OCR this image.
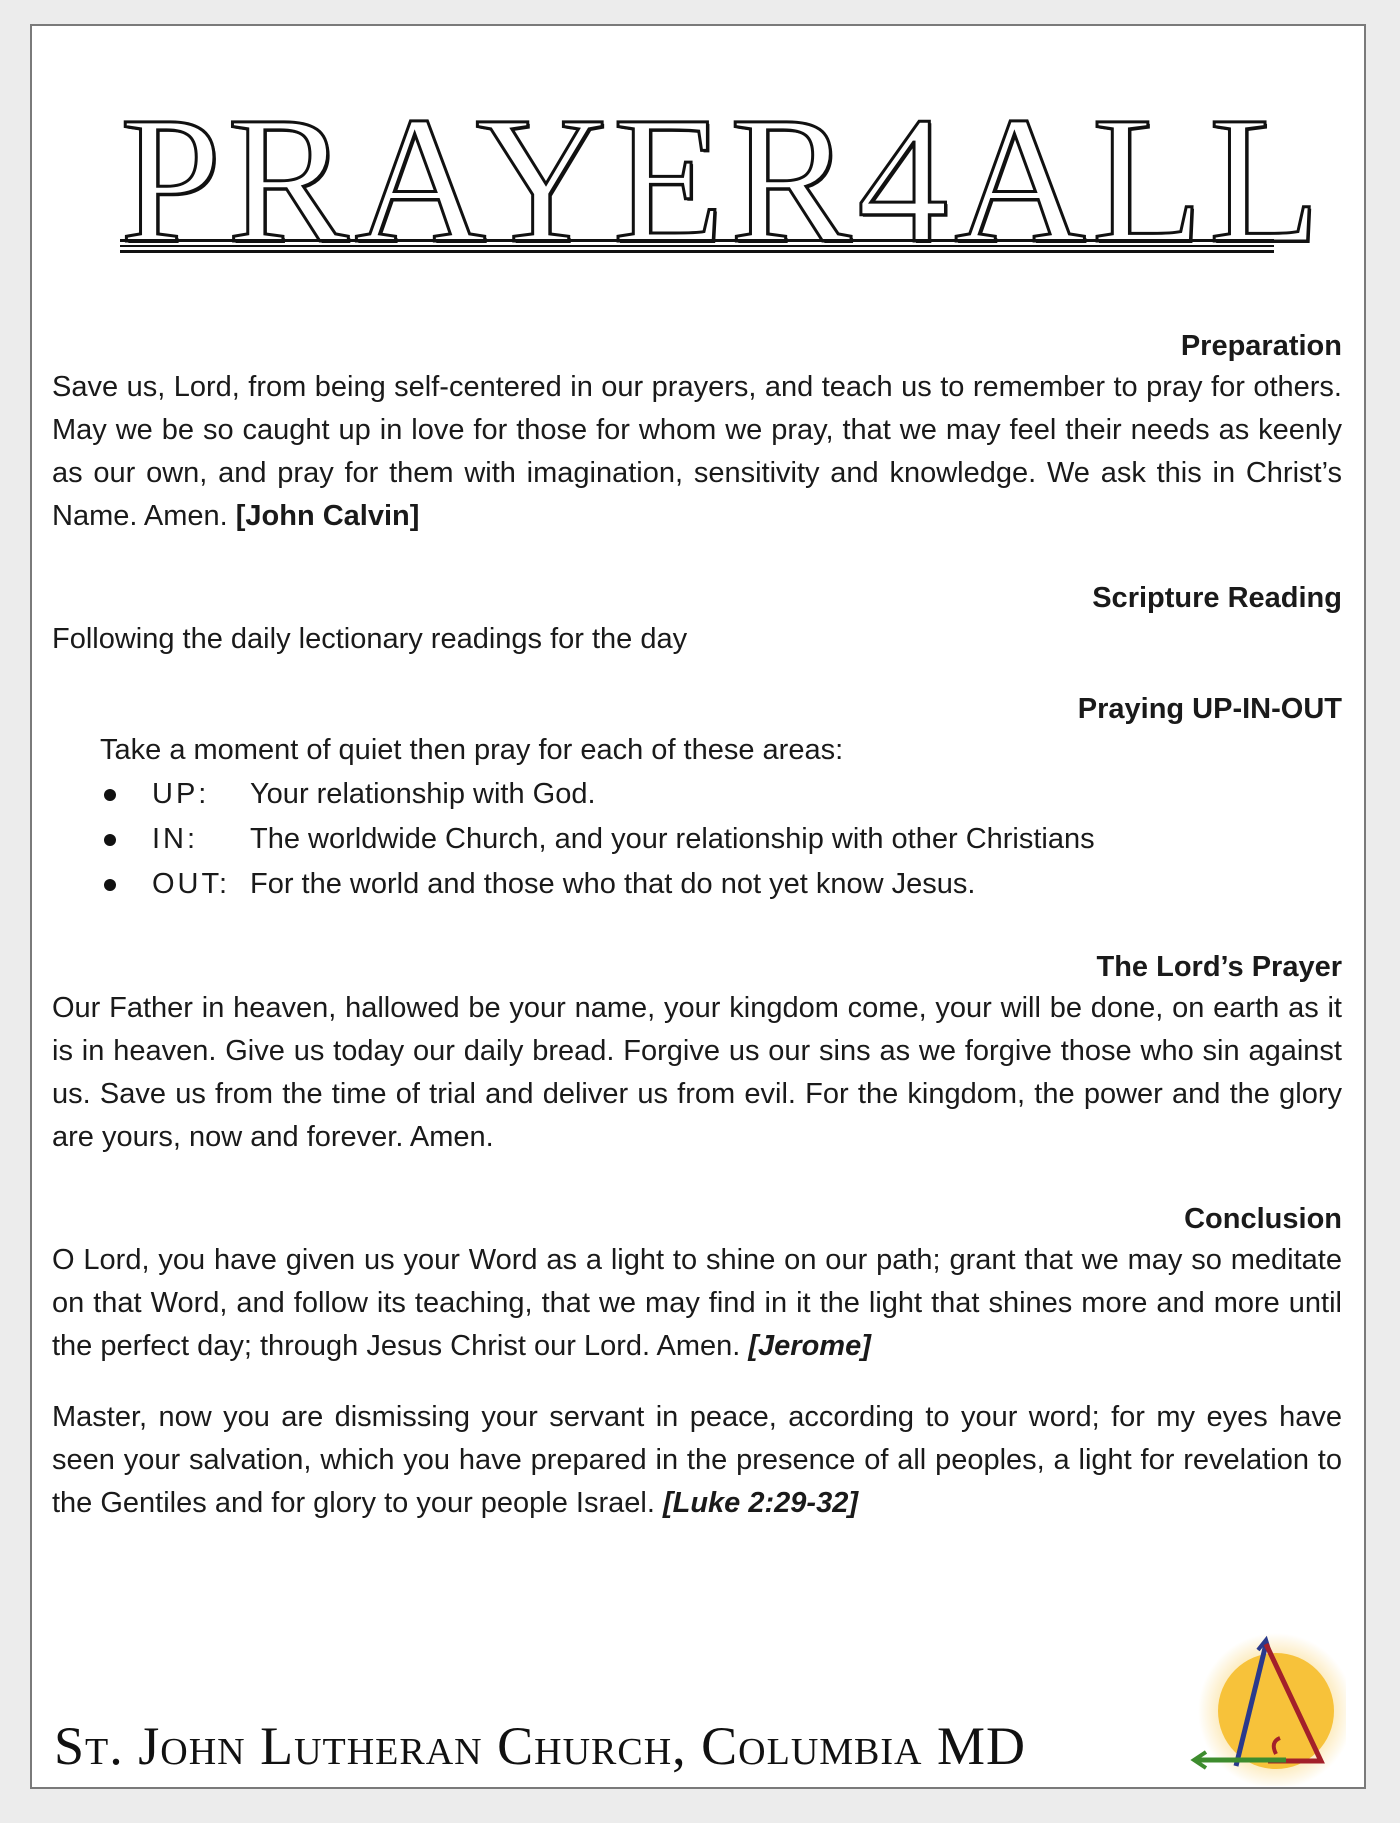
PRAYER4ALL

Preparation

Save us, Lord, from being self-centered in our prayers, and teach us to remember to pray for others. May we be so caught up in love for those for whom we pray, that we may feel their needs as keenly as our own, and pray for them with imagination, sensitivity and knowledge. We ask this in Christ’s Name. Amen. [John Calvin]

Scripture Reading

Following the daily lectionary readings for the day

Praying UP-IN-OUT

Take a moment of quiet then pray for each of these areas:

UP:	Your relationship with God.
IN:	The worldwide Church, and your relationship with other Christians
OUT: For the world and those who that do not yet know Jesus.

The Lord’s Prayer

Our Father in heaven, hallowed be your name, your kingdom come, your will be done, on earth as it is in heaven. Give us today our daily bread. Forgive us our sins as we forgive those who sin against us. Save us from the time of trial and deliver us from evil. For the kingdom, the power and the glory are yours, now and forever. Amen.

Conclusion

O Lord, you have given us your Word as a light to shine on our path; grant that we may so meditate on that Word, and follow its teaching, that we may find in it the light that shines more and more until the perfect day; through Jesus Christ our Lord. Amen. [Jerome]

Master, now you are dismissing your servant in peace, according to your word; for my eyes have seen your salvation, which you have prepared in the presence of all peoples, a light for revelation to the Gentiles and for glory to your people Israel. [Luke 2:29-32]

St. John Lutheran Church, Columbia MD
